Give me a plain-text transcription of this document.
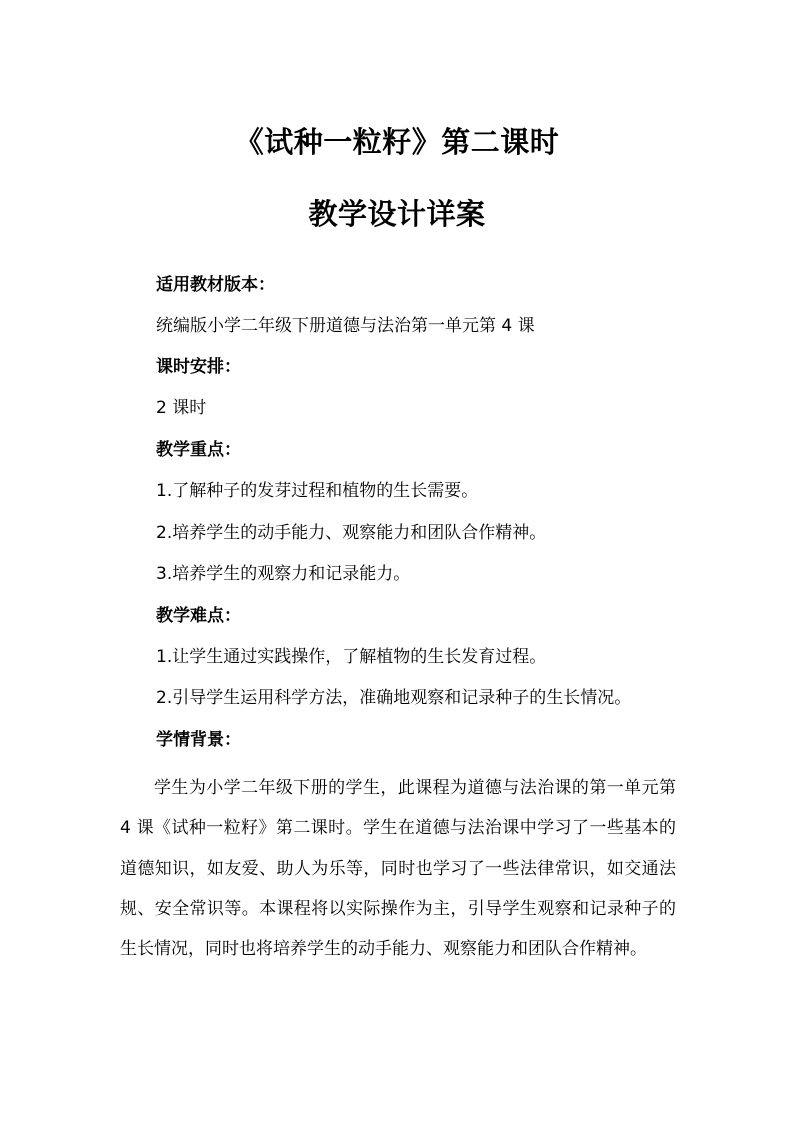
《试种一粒籽》第二课时
教学设计详案
适用教材版本：
统编版小学二年级下册道德与法治第一单元第 4 课
课时安排：
2 课时
教学重点：
1.了解种子的发芽过程和植物的生长需要。
2.培养学生的动手能力、观察能力和团队合作精神。
3.培养学生的观察力和记录能力。
教学难点：
1.让学生通过实践操作，了解植物的生长发育过程。
2.引导学生运用科学方法，准确地观察和记录种子的生长情况。
学情背景：
学生为小学二年级下册的学生，此课程为道德与法治课的第一单元第 4 课《试种一粒籽》第二课时。学生在道德与法治课中学习了一些基本的道德知识，如友爱、助人为乐等，同时也学习了一些法律常识，如交通法规、安全常识等。本课程将以实际操作为主，引导学生观察和记录种子的生长情况，同时也将培养学生的动手能力、观察能力和团队合作精神。
